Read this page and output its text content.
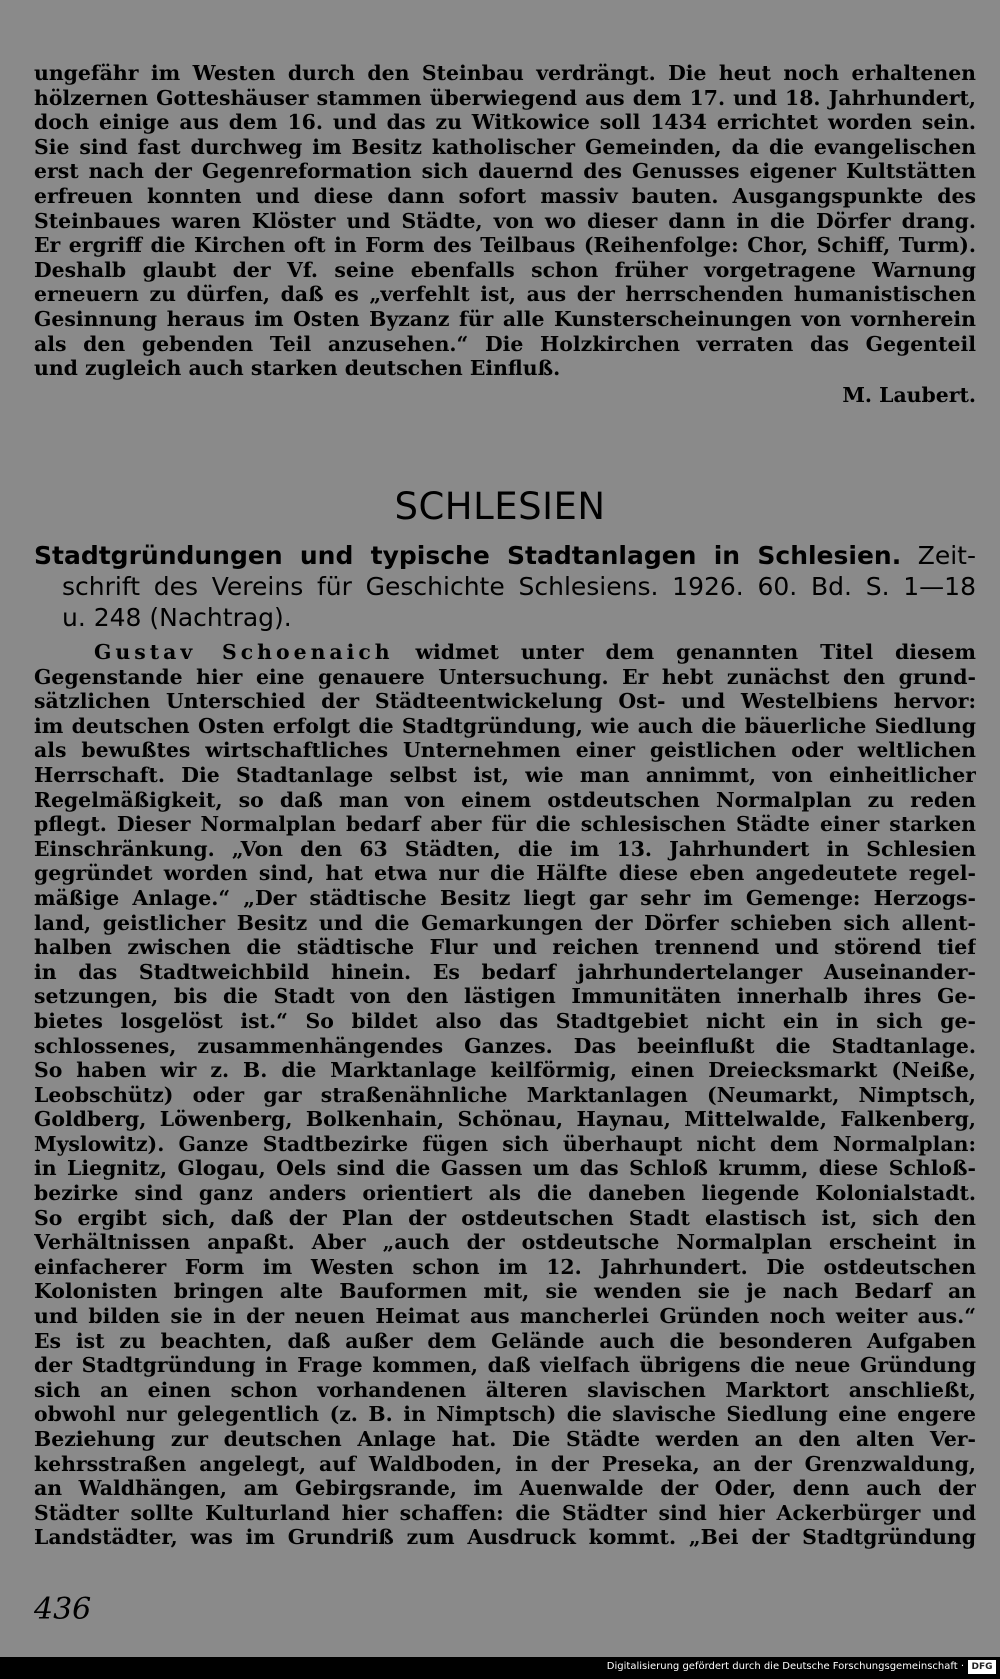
ungefähr im Westen durch den Steinbau verdrängt. Die heut noch erhaltenen
hölzernen Gotteshäuser stammen überwiegend aus dem 17. und 18. Jahrhundert,
doch einige aus dem 16. und das zu Witkowice soll 1434 errichtet worden sein.
Sie sind fast durchweg im Besitz katholischer Gemeinden, da die evangelischen
erst nach der Gegenreformation sich dauernd des Genusses eigener Kultstätten
erfreuen konnten und diese dann sofort massiv bauten. Ausgangspunkte des
Steinbaues waren Klöster und Städte, von wo dieser dann in die Dörfer drang.
Er ergriff die Kirchen oft in Form des Teilbaus (Reihenfolge: Chor, Schiff, Turm).
Deshalb glaubt der Vf. seine ebenfalls schon früher vorgetragene Warnung
erneuern zu dürfen, daß es „verfehlt ist, aus der herrschenden humanistischen
Gesinnung heraus im Osten Byzanz für alle Kunsterscheinungen von vornherein
als den gebenden Teil anzusehen.“ Die Holzkirchen verraten das Gegenteil
und zugleich auch starken deutschen Einfluß.
M. Laubert.
SCHLESIEN
Stadtgründungen und typische Stadtanlagen in Schlesien. Zeit-
schrift des Vereins für Geschichte Schlesiens. 1926. 60. Bd. S. 1—18
u. 248 (Nachtrag).
Gustav Schoenaich widmet unter dem genannten Titel diesem
Gegenstande hier eine genauere Untersuchung. Er hebt zunächst den grund-
sätzlichen Unterschied der Städteentwickelung Ost- und Westelbiens hervor:
im deutschen Osten erfolgt die Stadtgründung, wie auch die bäuerliche Siedlung
als bewußtes wirtschaftliches Unternehmen einer geistlichen oder weltlichen
Herrschaft. Die Stadtanlage selbst ist, wie man annimmt, von einheitlicher
Regelmäßigkeit, so daß man von einem ostdeutschen Normalplan zu reden
pflegt. Dieser Normalplan bedarf aber für die schlesischen Städte einer starken
Einschränkung. „Von den 63 Städten, die im 13. Jahrhundert in Schlesien
gegründet worden sind, hat etwa nur die Hälfte diese eben angedeutete regel-
mäßige Anlage.“ „Der städtische Besitz liegt gar sehr im Gemenge: Herzogs-
land, geistlicher Besitz und die Gemarkungen der Dörfer schieben sich allent-
halben zwischen die städtische Flur und reichen trennend und störend tief
in das Stadtweichbild hinein. Es bedarf jahrhundertelanger Auseinander-
setzungen, bis die Stadt von den lästigen Immunitäten innerhalb ihres Ge-
bietes losgelöst ist.“ So bildet also das Stadtgebiet nicht ein in sich ge-
schlossenes, zusammenhängendes Ganzes. Das beeinflußt die Stadtanlage.
So haben wir z. B. die Marktanlage keilförmig, einen Dreiecksmarkt (Neiße,
Leobschütz) oder gar straßenähnliche Marktanlagen (Neumarkt, Nimptsch,
Goldberg, Löwenberg, Bolkenhain, Schönau, Haynau, Mittelwalde, Falkenberg,
Myslowitz). Ganze Stadtbezirke fügen sich überhaupt nicht dem Normalplan:
in Liegnitz, Glogau, Oels sind die Gassen um das Schloß krumm, diese Schloß-
bezirke sind ganz anders orientiert als die daneben liegende Kolonialstadt.
So ergibt sich, daß der Plan der ostdeutschen Stadt elastisch ist, sich den
Verhältnissen anpaßt. Aber „auch der ostdeutsche Normalplan erscheint in
einfacherer Form im Westen schon im 12. Jahrhundert. Die ostdeutschen
Kolonisten bringen alte Bauformen mit, sie wenden sie je nach Bedarf an
und bilden sie in der neuen Heimat aus mancherlei Gründen noch weiter aus.“
Es ist zu beachten, daß außer dem Gelände auch die besonderen Aufgaben
der Stadtgründung in Frage kommen, daß vielfach übrigens die neue Gründung
sich an einen schon vorhandenen älteren slavischen Marktort anschließt,
obwohl nur gelegentlich (z. B. in Nimptsch) die slavische Siedlung eine engere
Beziehung zur deutschen Anlage hat. Die Städte werden an den alten Ver-
kehrsstraßen angelegt, auf Waldboden, in der Preseka, an der Grenzwaldung,
an Waldhängen, am Gebirgsrande, im Auenwalde der Oder, denn auch der
Städter sollte Kulturland hier schaffen: die Städter sind hier Ackerbürger und
Landstädter, was im Grundriß zum Ausdruck kommt. „Bei der Stadtgründung
436
Digitalisierung gefördert durch die Deutsche Forschungsgemeinschaft · DFG
